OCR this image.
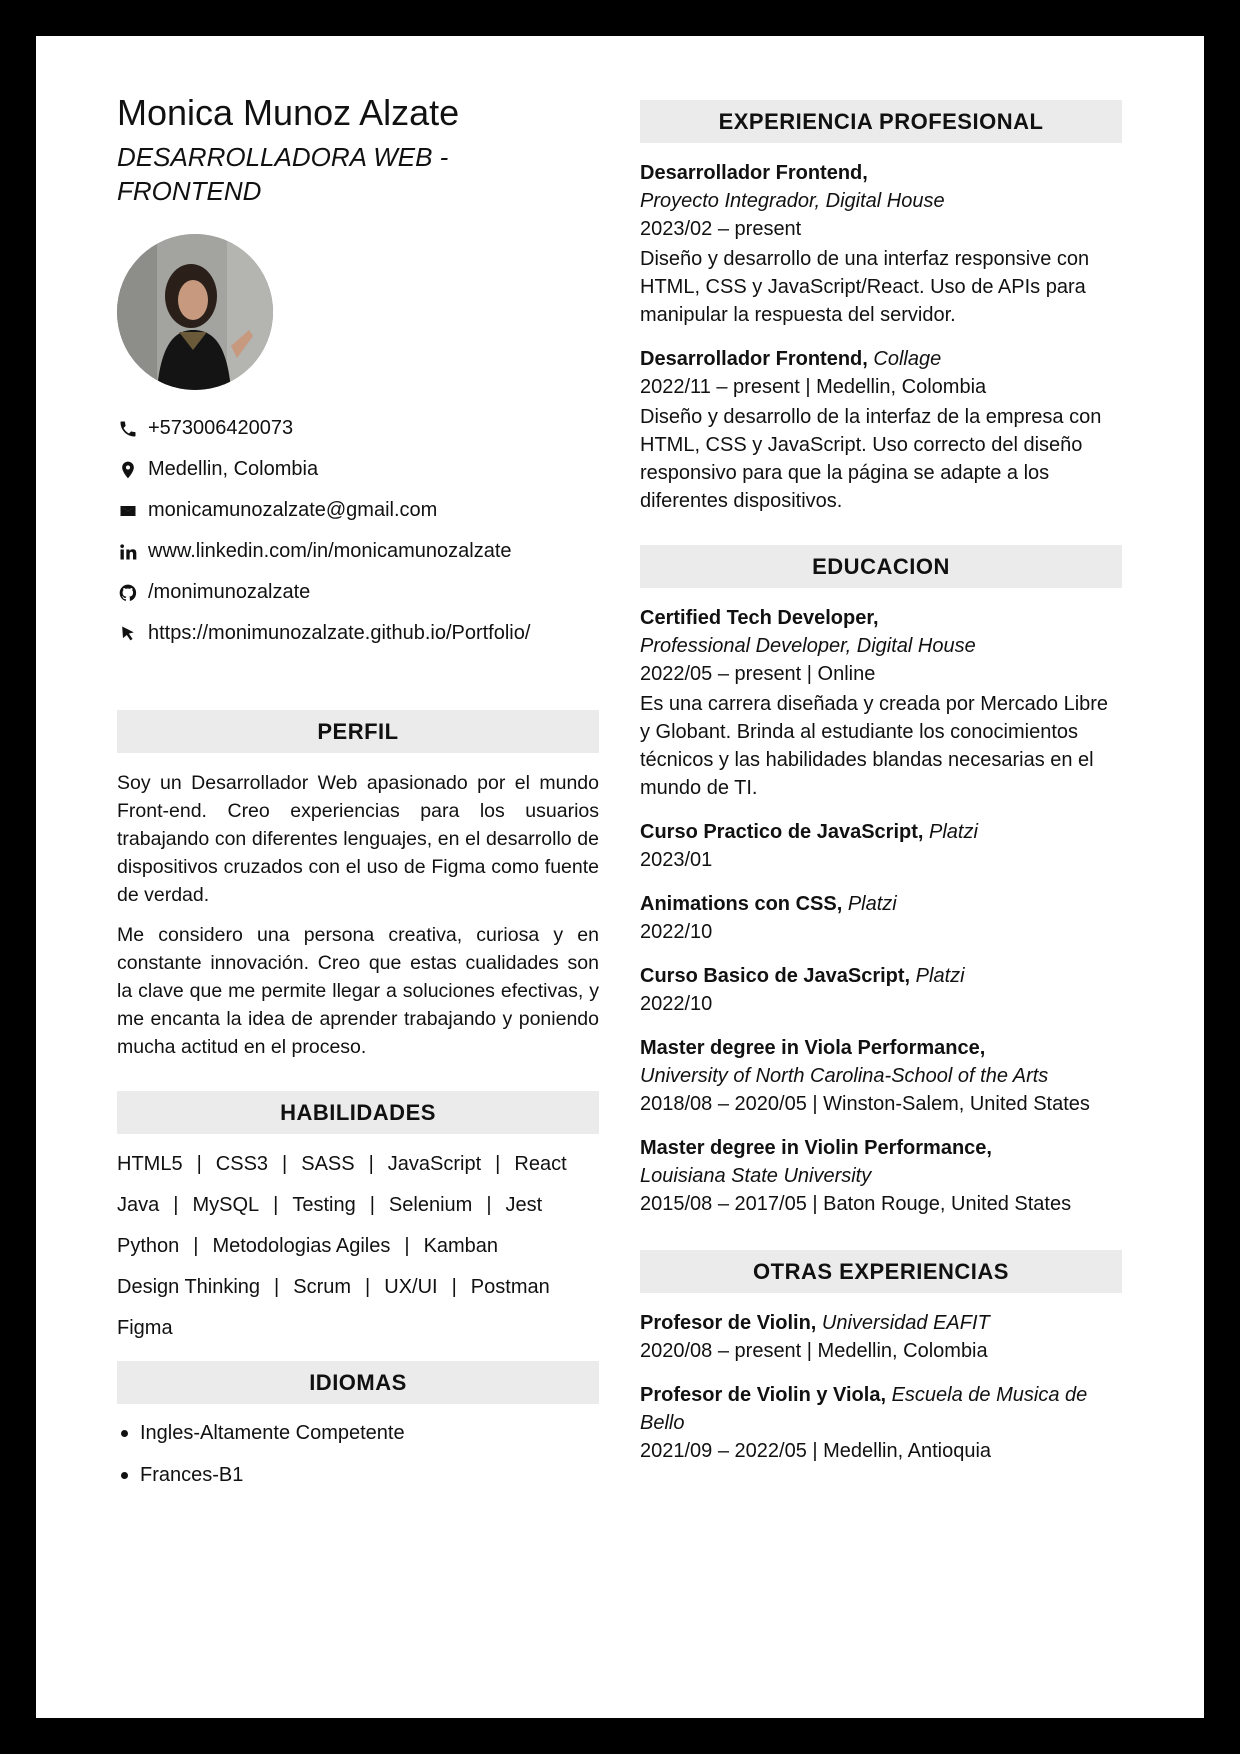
Monica Munoz Alzate
DESARROLLADORA WEB - FRONTEND
+573006420073
Medellin, Colombia
monicamunozalzate@gmail.com
www.linkedin.com/in/monicamunozalzate
/monimunozalzate
https://monimunozalzate.github.io/Portfolio/
PERFIL

Soy un Desarrollador Web apasionado por el mundo Front-end. Creo experiencias para los usuarios trabajando con diferentes lenguajes, en el desarrollo de dispositivos cruzados con el uso de Figma como fuente de verdad.

Me considero una persona creativa, curiosa y en constante innovación. Creo que estas cualidades son la clave que me permite llegar a soluciones efectivas, y me encanta la idea de aprender trabajando y poniendo mucha actitud en el proceso.

HABILIDADES
HTML5 | CSS3 | SASS | JavaScript | React
Java | MySQL | Testing | Selenium | Jest
Python | Metodologias Agiles | Kamban
Design Thinking | Scrum | UX/UI | Postman
Figma
IDIOMAS
Ingles-Altamente Competente
Frances-B1
EXPERIENCIA PROFESIONAL
Desarrollador Frontend,
Proyecto Integrador, Digital House
2023/02 – present
Diseño y desarrollo de una interfaz responsive con HTML, CSS y JavaScript/React. Uso de APIs para manipular la respuesta del servidor.
Desarrollador Frontend, Collage
2022/11 – present | Medellin, Colombia
Diseño y desarrollo de la interfaz de la empresa con HTML, CSS y JavaScript. Uso correcto del diseño responsivo para que la página se adapte a los diferentes dispositivos.
EDUCACION
Certified Tech Developer,
Professional Developer, Digital House
2022/05 – present | Online
Es una carrera diseñada y creada por Mercado Libre y Globant. Brinda al estudiante los conocimientos técnicos y las habilidades blandas necesarias en el mundo de TI.
Curso Practico de JavaScript, Platzi
2023/01
Animations con CSS, Platzi
2022/10
Curso Basico de JavaScript, Platzi
2022/10
Master degree in Viola Performance,
University of North Carolina-School of the Arts
2018/08 – 2020/05 | Winston-Salem, United States
Master degree in Violin Performance,
Louisiana State University
2015/08 – 2017/05 | Baton Rouge, United States
OTRAS EXPERIENCIAS
Profesor de Violin, Universidad EAFIT
2020/08 – present | Medellin, Colombia
Profesor de Violin y Viola, Escuela de Musica de Bello
2021/09 – 2022/05 | Medellin, Antioquia
